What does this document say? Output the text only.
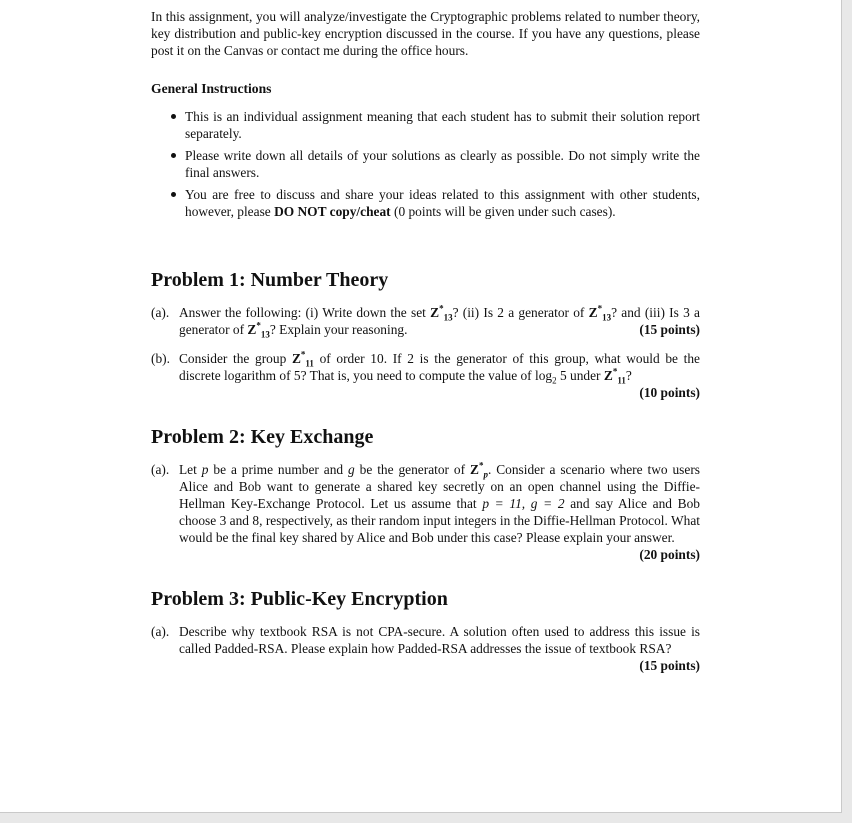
In this assignment, you will analyze/investigate the Cryptographic problems related to number theory, key distribution and public-key encryption discussed in the course. If you have any questions, please post it on the Canvas or contact me during the office hours.

General Instructions
This is an individual assignment meaning that each student has to submit their solution report separately.
Please write down all details of your solutions as clearly as possible. Do not simply write the final answers.
You are free to discuss and share your ideas related to this assignment with other students, however, please DO NOT copy/cheat (0 points will be given under such cases).
Problem 1: Number Theory
(a). Answer the following: (i) Write down the set $Z^*_{13}$? (ii) Is 2 a generator of $Z^*_{13}$? and (iii) Is 3 a generator of $Z^*_{13}$? Explain your reasoning.	(15 points)
(b). Consider the group $Z^*_{11}$ of order 10. If 2 is the generator of this group, what would be the discrete logarithm of 5? That is, you need to compute the value of $\log_2 5$ under $Z^*_{11}$?
(10 points)
Problem 2: Key Exchange
(a). Let p be a prime number and g be the generator of $Z^*_p$. Consider a scenario where two users Alice and Bob want to generate a shared key secretly on an open channel using the Diffie-Hellman Key-Exchange Protocol. Let us assume that p = 11, g = 2 and say Alice and Bob choose 3 and 8, respectively, as their random input integers in the Diffie-Hellman Protocol. What would be the final key shared by Alice and Bob under this case? Please explain your answer.
(20 points)
Problem 3: Public-Key Encryption
(a). Describe why textbook RSA is not CPA-secure. A solution often used to address this issue is called Padded-RSA. Please explain how Padded-RSA addresses the issue of textbook RSA?
(15 points)
